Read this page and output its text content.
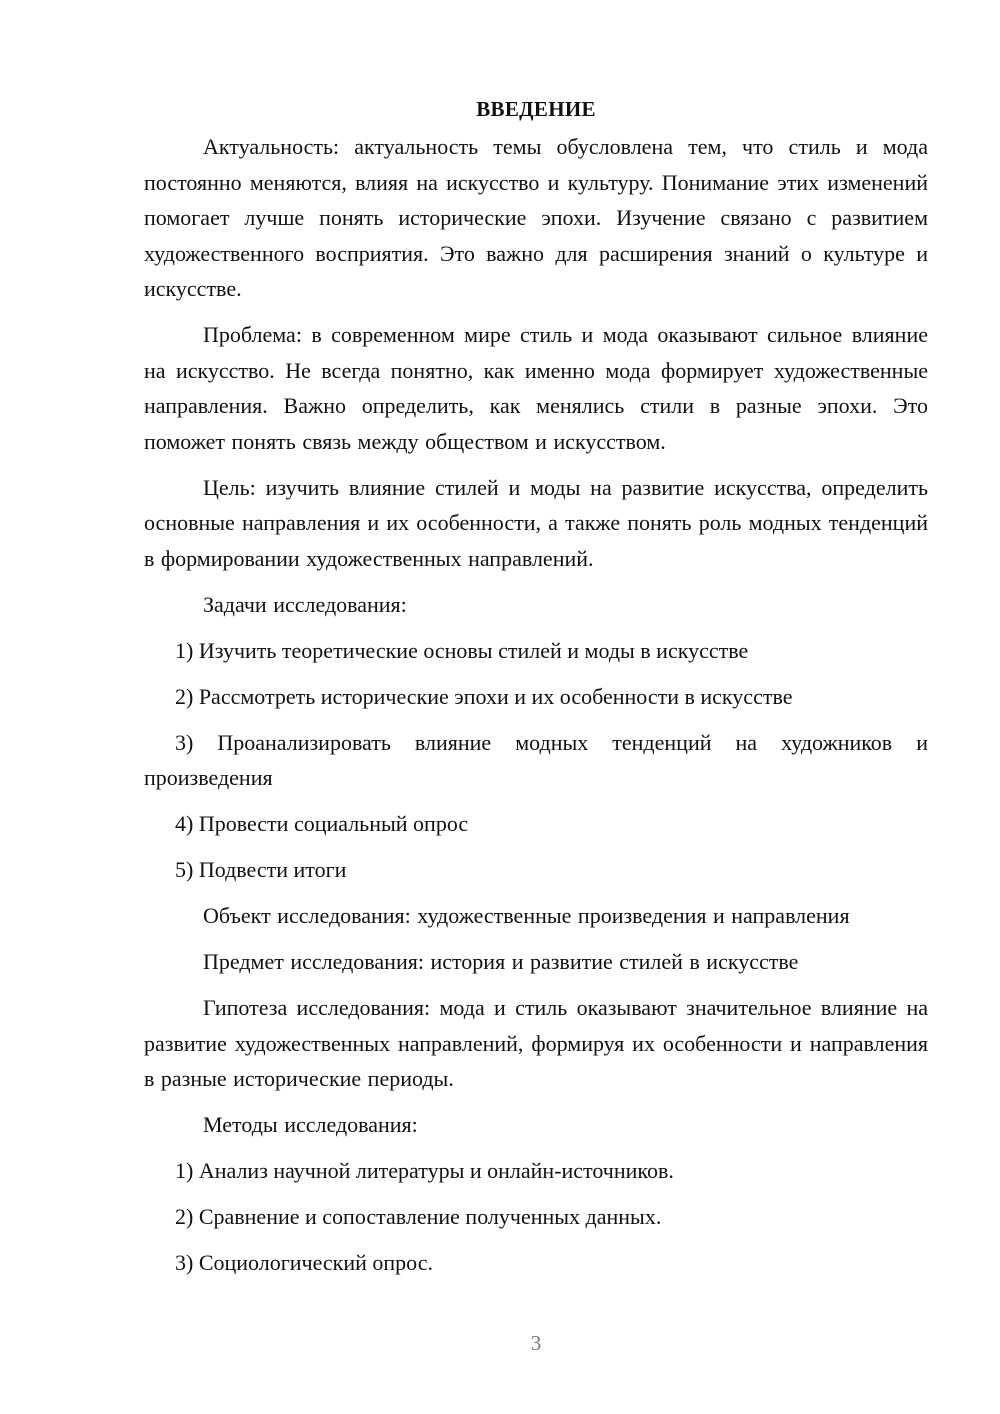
ВВЕДЕНИЕ

Актуальность: актуальность темы обусловлена тем, что стиль и мода постоянно меняются, влияя на искусство и культуру. Понимание этих изменений помогает лучше понять исторические эпохи. Изучение связано с развитием художественного восприятия. Это важно для расширения знаний о культуре и искусстве.

Проблема: в современном мире стиль и мода оказывают сильное влияние на искусство. Не всегда понятно, как именно мода формирует художественные направления. Важно определить, как менялись стили в разные эпохи. Это поможет понять связь между обществом и искусством.

Цель: изучить влияние стилей и моды на развитие искусства, определить основные направления и их особенности, а также понять роль модных тенденций в формировании художественных направлений.

Задачи исследования:

1) Изучить теоретические основы стилей и моды в искусстве

2) Рассмотреть исторические эпохи и их особенности в искусстве

3) Проанализировать влияние модных тенденций на художников и произведения

4) Провести социальный опрос

5) Подвести итоги

Объект исследования: художественные произведения и направления

Предмет исследования: история и развитие стилей в искусстве

Гипотеза исследования: мода и стиль оказывают значительное влияние на развитие художественных направлений, формируя их особенности и направления в разные исторические периоды.

Методы исследования:

1) Анализ научной литературы и онлайн-источников.

2) Сравнение и сопоставление полученных данных.

3) Социологический опрос.

3
